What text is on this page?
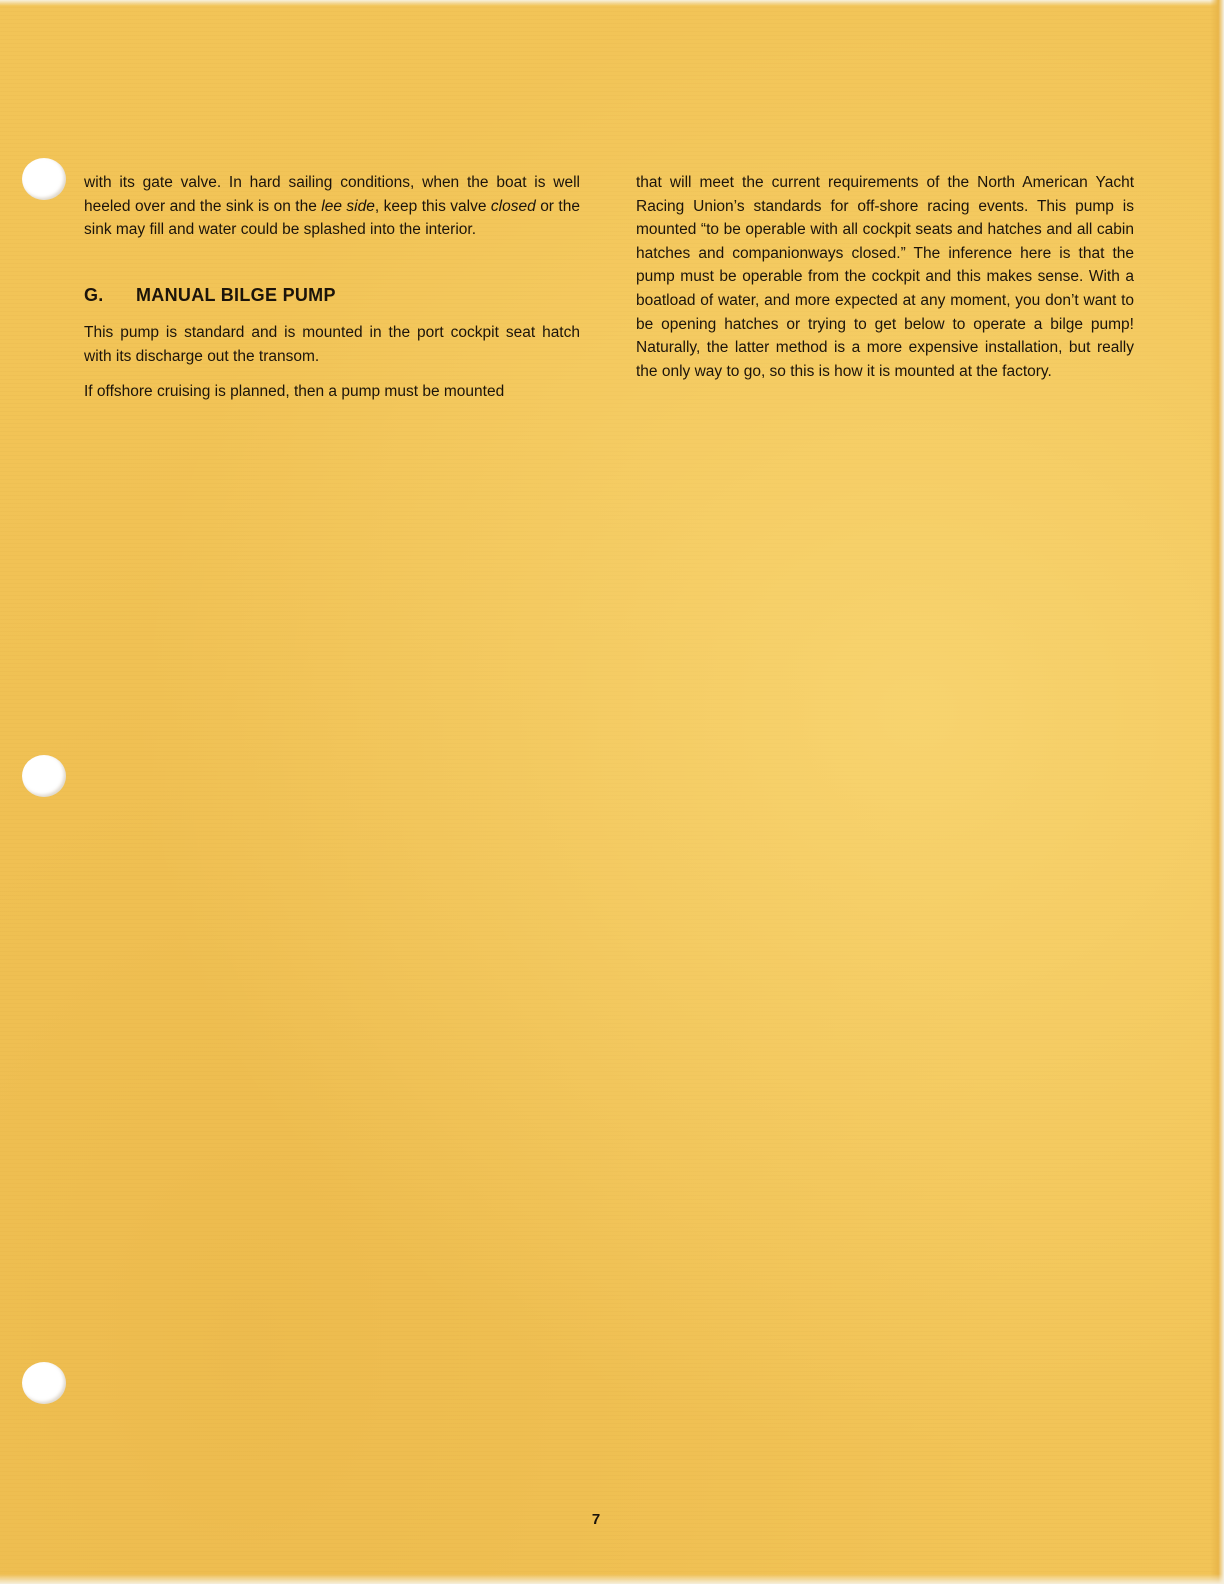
with its gate valve. In hard sailing conditions, when the boat is well heeled over and the sink is on the lee side, keep this valve closed or the sink may fill and water could be splashed into the interior.

G.	MANUAL BILGE PUMP

This pump is standard and is mounted in the port cockpit seat hatch with its discharge out the transom.

If offshore cruising is planned, then a pump must be mounted

that will meet the current requirements of the North American Yacht Racing Union’s standards for off-shore racing events. This pump is mounted “to be operable with all cockpit seats and hatches and all cabin hatches and companionways closed.” The inference here is that the pump must be operable from the cockpit and this makes sense. With a boatload of water, and more expected at any moment, you don’t want to be opening hatches or trying to get below to operate a bilge pump! Naturally, the latter method is a more expensive installation, but really the only way to go, so this is how it is mounted at the factory.

7
